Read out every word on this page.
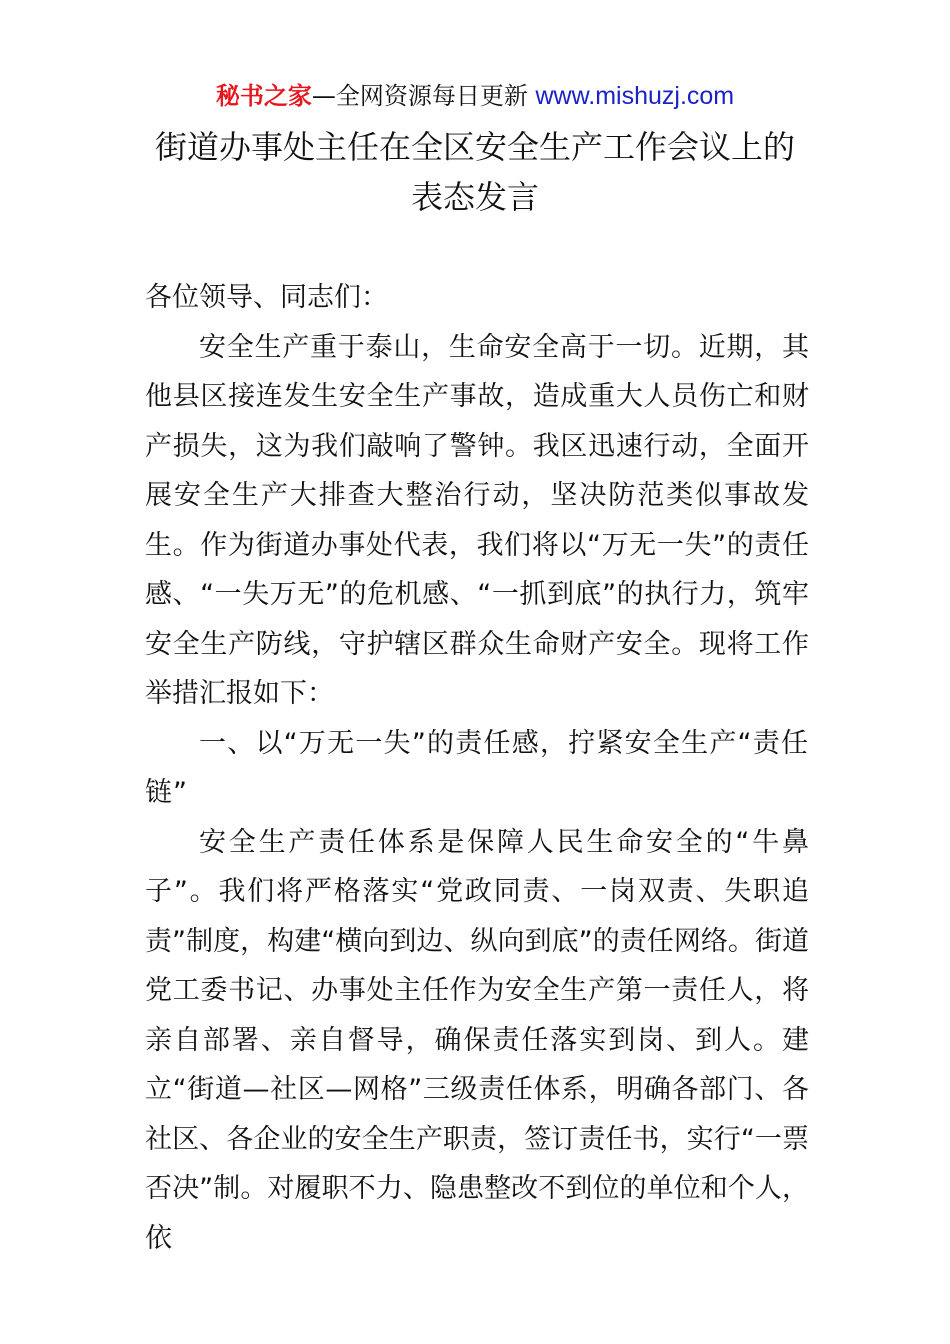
秘书之家—全网资源每日更新 www.mishuzj.com
街道办事处主任在全区安全生产工作会议上的
表态发言

各位领导、同志们：

安全生产重于泰山，生命安全高于一切。近期，其他县区接连发生安全生产事故，造成重大人员伤亡和财产损失，这为我们敲响了警钟。我区迅速行动，全面开展安全生产大排查大整治行动，坚决防范类似事故发生。作为街道办事处代表，我们将以“万无一失”的责任感、“一失万无”的危机感、“一抓到底”的执行力，筑牢安全生产防线，守护辖区群众生命财产安全。现将工作举措汇报如下：

一、以“万无一失”的责任感，拧紧安全生产“责任链”

安全生产责任体系是保障人民生命安全的“牛鼻子”。我们将严格落实“党政同责、一岗双责、失职追责”制度，构建“横向到边、纵向到底”的责任网络。街道党工委书记、办事处主任作为安全生产第一责任人，将亲自部署、亲自督导，确保责任落实到岗、到人。建立“街道—社区—网格”三级责任体系，明确各部门、各社区、各企业的安全生产职责，签订责任书，实行“一票否决”制。对履职不力、隐患整改不到位的单位和个人，依
